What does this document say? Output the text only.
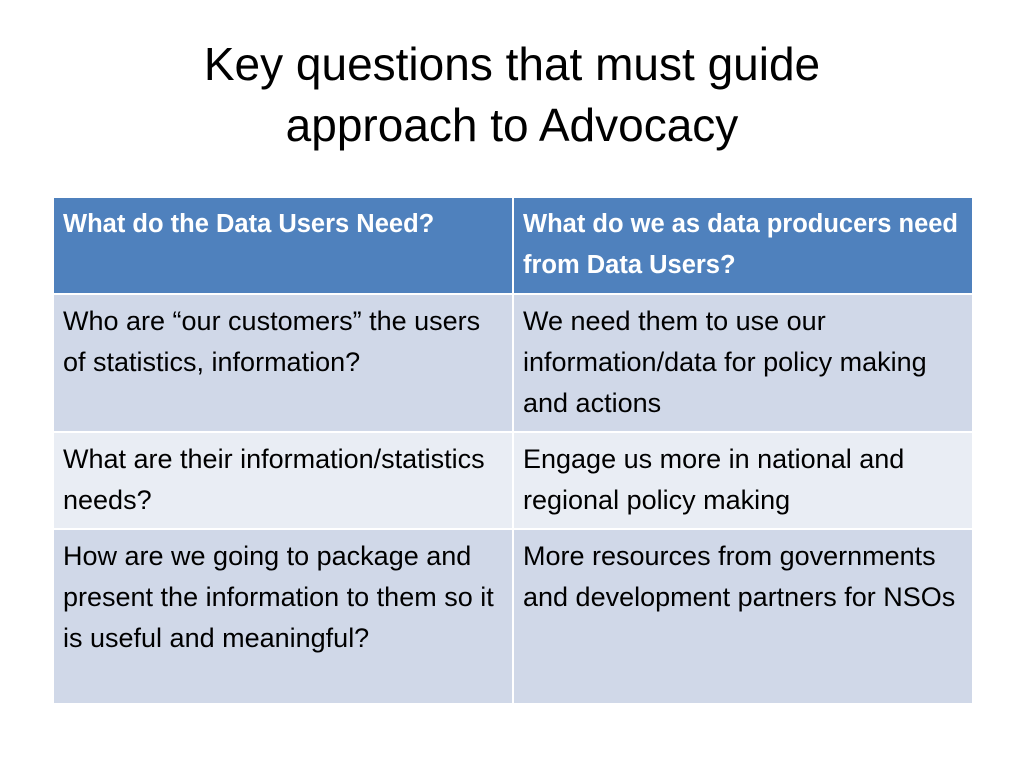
Key questions that must guide
approach to Advocacy
What do the Data Users Need?	What do we as data producers need from Data Users?
Who are “our customers” the users of statistics, information?	We need them to use our information/data for policy making and actions
What are their information/statistics needs?	Engage us more in national and regional policy making
How are we going to package and present the information to them so it is useful and meaningful?	More resources from governments and development partners for NSOs
